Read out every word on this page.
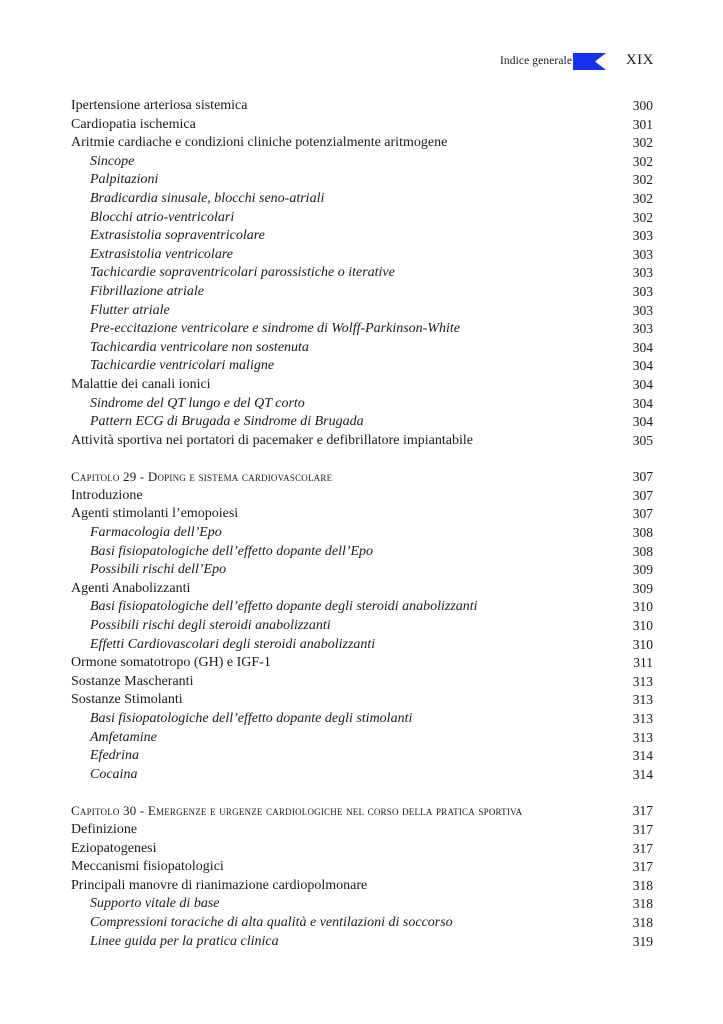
Indice generale	XIX
Ipertensione arteriosa sistemica	300
Cardiopatia ischemica	301
Aritmie cardiache e condizioni cliniche potenzialmente aritmogene	302
Sincope	302
Palpitazioni	302
Bradicardia sinusale, blocchi seno-atriali	302
Blocchi atrio-ventricolari	302
Extrasistolia sopraventricolare	303
Extrasistolia ventricolare	303
Tachicardie sopraventricolari parossistiche o iterative	303
Fibrillazione atriale	303
Flutter atriale	303
Pre-eccitazione ventricolare e sindrome di Wolff-Parkinson-White	303
Tachicardia ventricolare non sostenuta	304
Tachicardie ventricolari maligne	304
Malattie dei canali ionici	304
Sindrome del QT lungo e del QT corto	304
Pattern ECG di Brugada e Sindrome di Brugada	304
Attività sportiva nei portatori di pacemaker e defibrillatore impiantabile	305
Capitolo 29 - Doping e sistema cardiovascolare	307
Introduzione	307
Agenti stimolanti l’emopoiesi	307
Farmacologia dell’Epo	308
Basi fisiopatologiche dell’effetto dopante dell’Epo	308
Possibili rischi dell’Epo	309
Agenti Anabolizzanti	309
Basi fisiopatologiche dell’effetto dopante degli steroidi anabolizzanti	310
Possibili rischi degli steroidi anabolizzanti	310
Effetti Cardiovascolari degli steroidi anabolizzanti	310
Ormone somatotropo (GH) e IGF-1	311
Sostanze Mascheranti	313
Sostanze Stimolanti	313
Basi fisiopatologiche dell’effetto dopante degli stimolanti	313
Amfetamine	313
Efedrina	314
Cocaina	314
Capitolo 30 - Emergenze e urgenze cardiologiche nel corso della pratica sportiva	317
Definizione	317
Eziopatogenesi	317
Meccanismi fisiopatologici	317
Principali manovre di rianimazione cardiopolmonare	318
Supporto vitale di base	318
Compressioni toraciche di alta qualità e ventilazioni di soccorso	318
Linee guida per la pratica clinica	319
